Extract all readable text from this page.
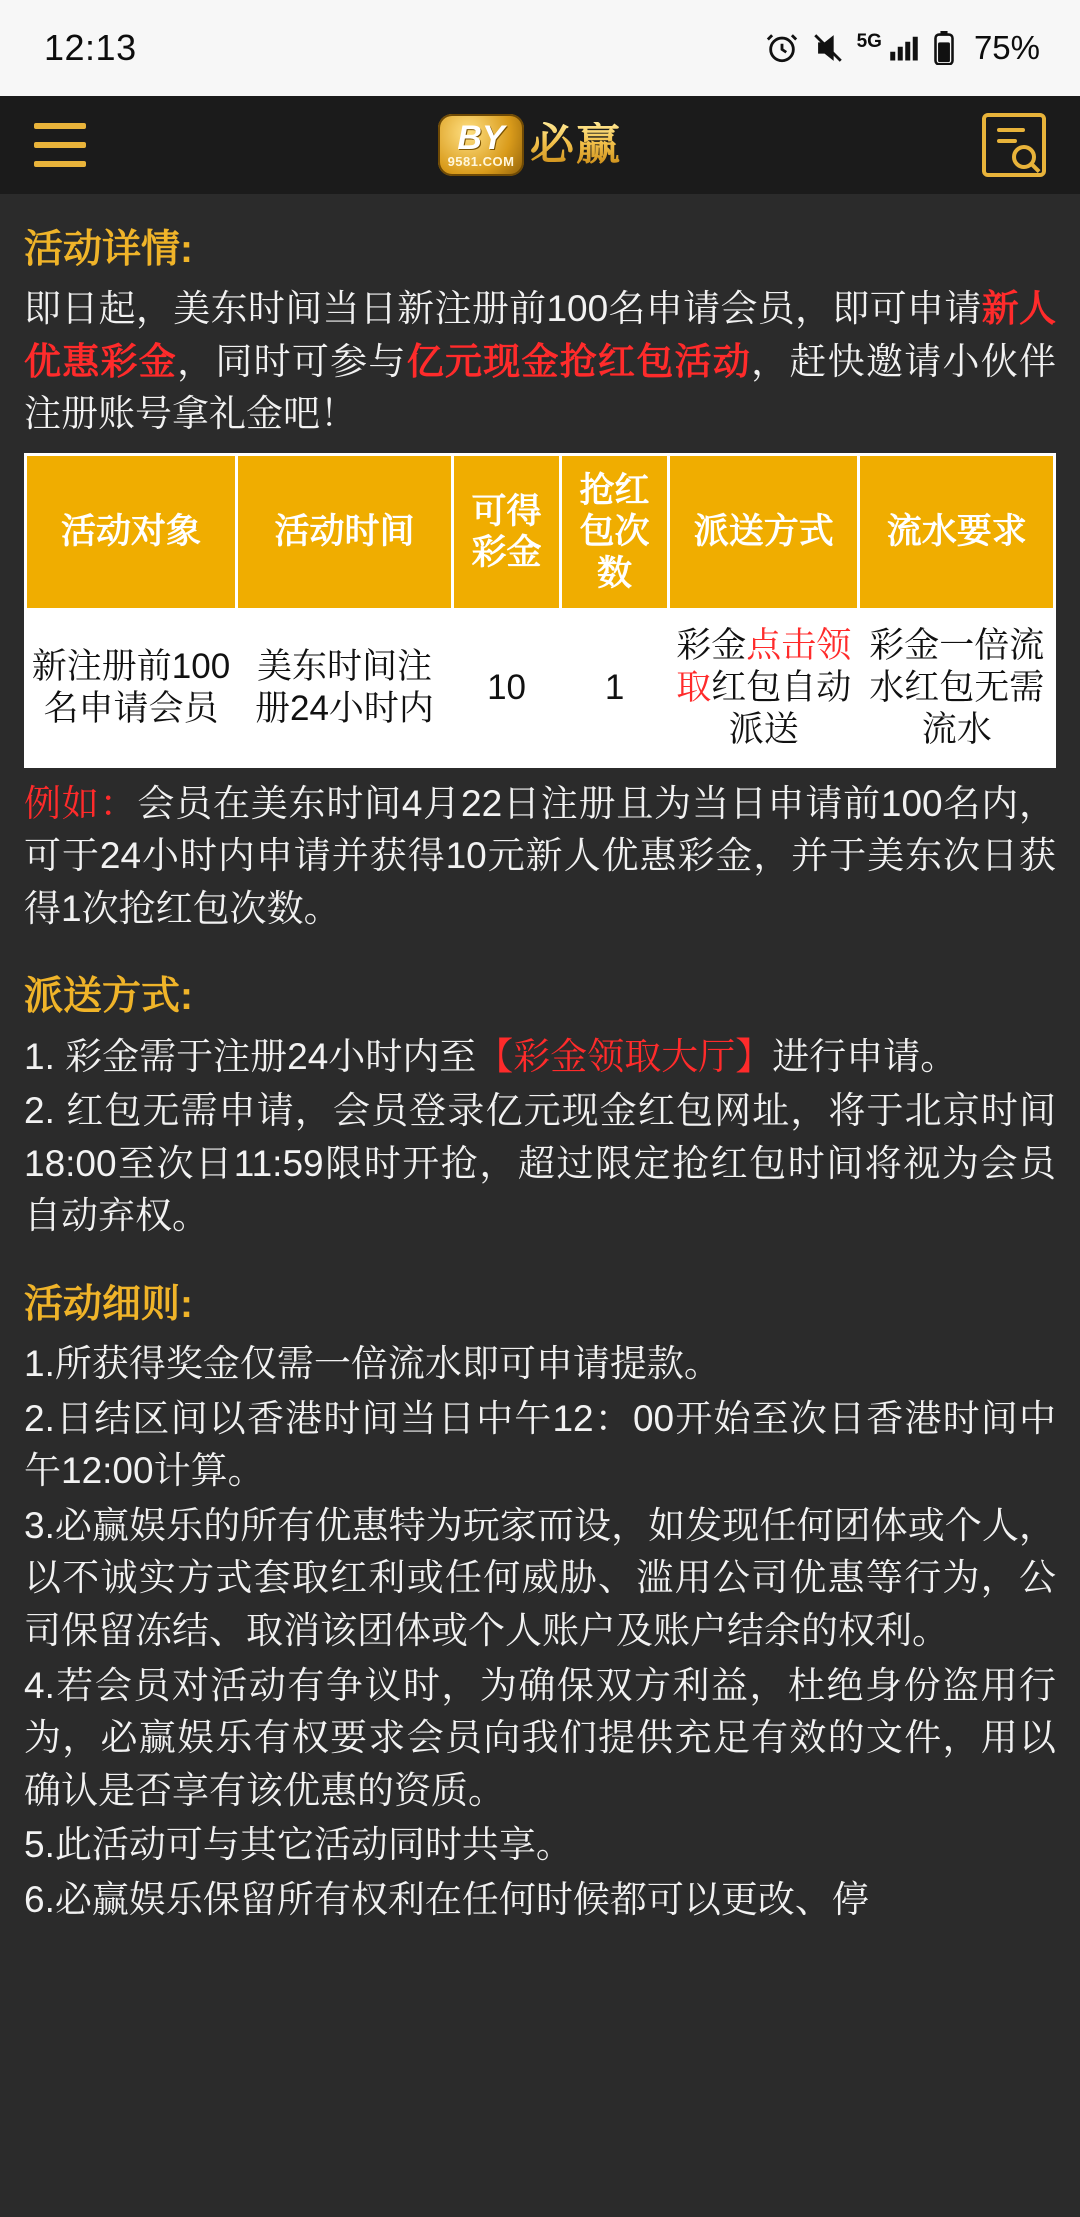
12:13	5G	75%
BY
9581.COM 必赢
活动详情:

即日起，美东时间当日新注册前100名申请会员，即可申请新人优惠彩金，同时可参与亿元现金抢红包活动，赶快邀请小伙伴注册账号拿礼金吧！

活动对象	活动时间	可得彩金	抢红包次数	派送方式	流水要求
新注册前100名申请会员	美东时间注册24小时内	10	1	彩金点击领取红包自动派送	彩金一倍流水红包无需流水

例如：会员在美东时间4月22日注册且为当日申请前100名内，可于24小时内申请并获得10元新人优惠彩金，并于美东次日获得1次抢红包次数。

派送方式:

1. 彩金需于注册24小时内至【彩金领取大厅】进行申请。

2. 红包无需申请，会员登录亿元现金红包网址，将于北京时间18:00至次日11:59限时开抢，超过限定抢红包时间将视为会员自动弃权。

活动细则:

1.所获得奖金仅需一倍流水即可申请提款。

2.日结区间以香港时间当日中午12：00开始至次日香港时间中午12:00计算。

3.必赢娱乐的所有优惠特为玩家而设，如发现任何团体或个人，以不诚实方式套取红利或任何威胁、滥用公司优惠等行为，公司保留冻结、取消该团体或个人账户及账户结余的权利。

4.若会员对活动有争议时，为确保双方利益，杜绝身份盗用行为，必赢娱乐有权要求会员向我们提供充足有效的文件，用以确认是否享有该优惠的资质。

5.此活动可与其它活动同时共享。

6.必赢娱乐保留所有权利在任何时候都可以更改、停
